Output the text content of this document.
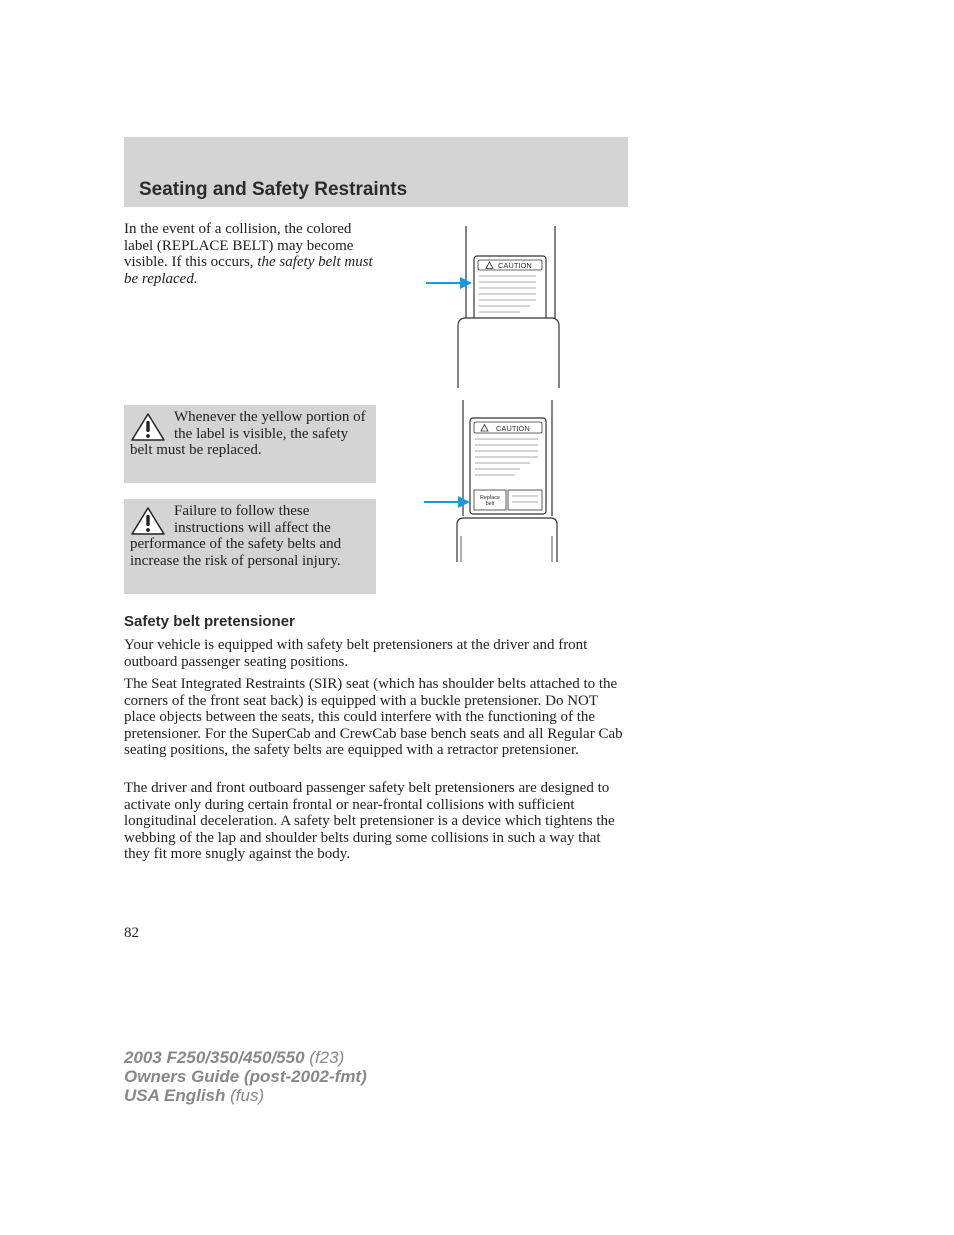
Seating and Safety Restraints

In the event of a collision, the colored label (REPLACE BELT) may become visible. If this occurs, the safety belt must be replaced.

CAUTION
CAUTION
Replace
belt
Whenever the yellow portion of the label is visible, the safety belt must be replaced.
Failure to follow these instructions will affect the performance of the safety belts and increase the risk of personal injury.
Safety belt pretensioner

Your vehicle is equipped with safety belt pretensioners at the driver and front outboard passenger seating positions.

The Seat Integrated Restraints (SIR) seat (which has shoulder belts attached to the corners of the front seat back) is equipped with a buckle pretensioner. Do NOT place objects between the seats, this could interfere with the functioning of the pretensioner. For the SuperCab and CrewCab base bench seats and all Regular Cab seating positions, the safety belts are equipped with a retractor pretensioner.

The driver and front outboard passenger safety belt pretensioners are designed to activate only during certain frontal or near-frontal collisions with sufficient longitudinal deceleration. A safety belt pretensioner is a device which tightens the webbing of the lap and shoulder belts during some collisions in such a way that they fit more snugly against the body.

82

2003 F250/350/450/550 (f23)
Owners Guide (post-2002-fmt)
USA English (fus)
